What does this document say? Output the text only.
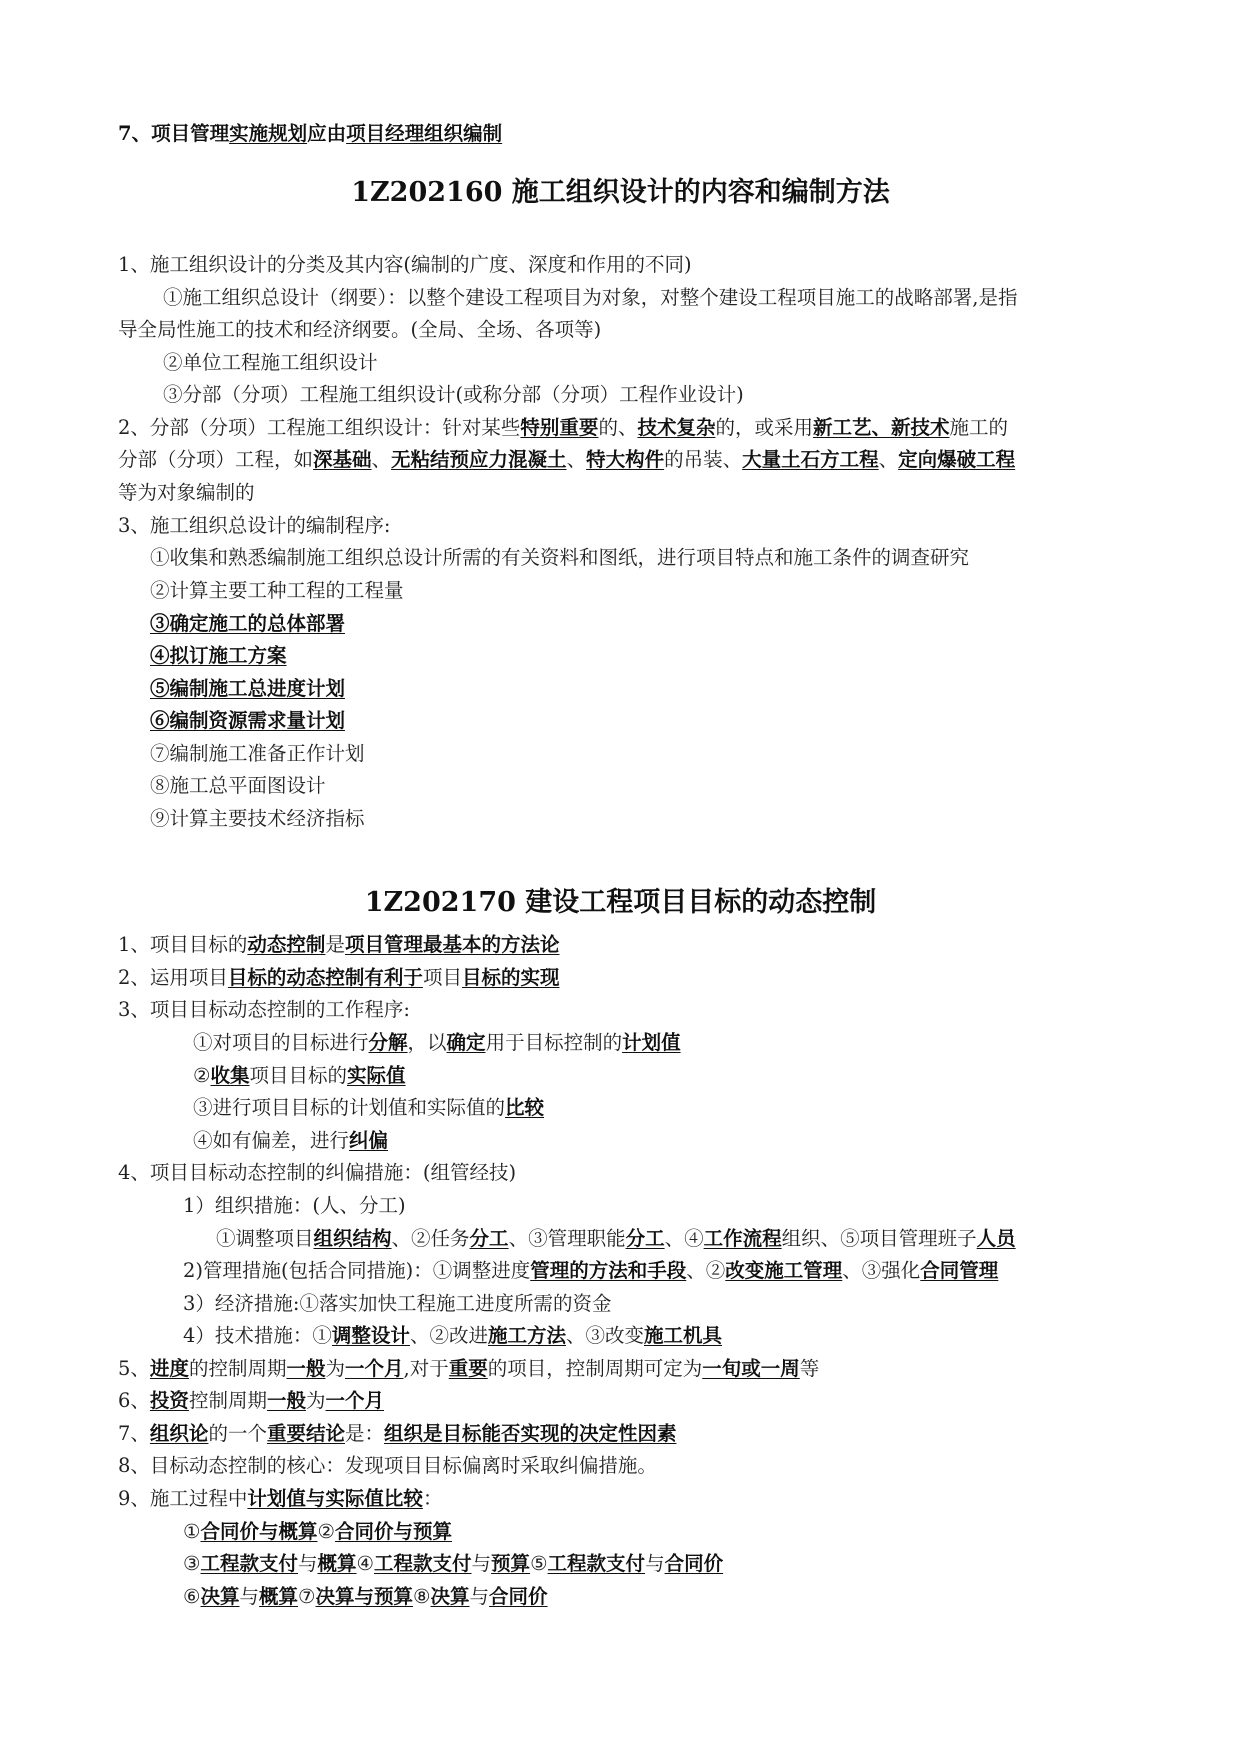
1Z202160 施工组织设计的内容和编制方法
1Z202170 建设工程项目目标的动态控制
7、项目管理实施规划应由项目经理组织编制
1、施工组织设计的分类及其内容(编制的广度、深度和作用的不同)
①施工组织总设计（纲要）：以整个建设工程项目为对象，对整个建设工程项目施工的战略部署,是指
导全局性施工的技术和经济纲要。(全局、全场、各项等)
②单位工程施工组织设计
③分部（分项）工程施工组织设计(或称分部（分项）工程作业设计)
2、分部（分项）工程施工组织设计：针对某些特别重要的、技术复杂的，或采用新工艺、新技术施工的
分部（分项）工程，如深基础、无粘结预应力混凝土、特大构件的吊装、大量土石方工程、定向爆破工程
等为对象编制的
3、施工组织总设计的编制程序:
①收集和熟悉编制施工组织总设计所需的有关资料和图纸，进行项目特点和施工条件的调查研究
②计算主要工种工程的工程量
③确定施工的总体部署
④拟订施工方案
⑤编制施工总进度计划
⑥编制资源需求量计划
⑦编制施工准备正作计划
⑧施工总平面图设计
⑨计算主要技术经济指标
1、项目目标的动态控制是项目管理最基本的方法论
2、运用项目目标的动态控制有利于项目目标的实现
3、项目目标动态控制的工作程序:
①对项目的目标进行分解，以确定用于目标控制的计划值
②收集项目目标的实际值
③进行项目目标的计划值和实际值的比较
④如有偏差，进行纠偏
4、项目目标动态控制的纠偏措施：(组管经技)
1）组织措施：(人、分工)
①调整项目组织结构、②任务分工、③管理职能分工、④工作流程组织、⑤项目管理班子人员
2)管理措施(包括合同措施)：①调整进度管理的方法和手段、②改变施工管理、③强化合同管理
3）经济措施:①落实加快工程施工进度所需的资金
4）技术措施：①调整设计、②改进施工方法、③改变施工机具
5、进度的控制周期一般为一个月,对于重要的项目，控制周期可定为一旬或一周等
6、投资控制周期一般为一个月
7、组织论的一个重要结论是：组织是目标能否实现的决定性因素
8、目标动态控制的核心：发现项目目标偏离时采取纠偏措施。
9、施工过程中计划值与实际值比较：
①合同价与概算②合同价与预算
③工程款支付与概算④工程款支付与预算⑤工程款支付与合同价
⑥决算与概算⑦决算与预算⑧决算与合同价
